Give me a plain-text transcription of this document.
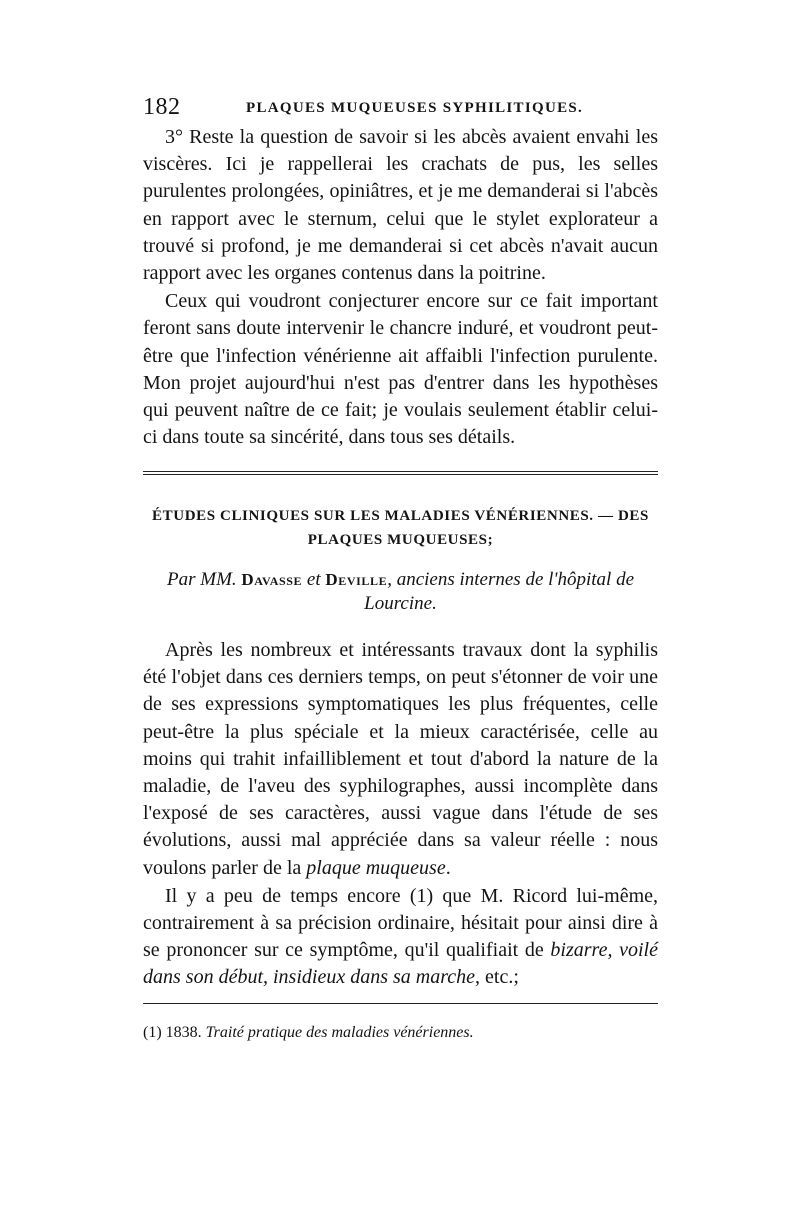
182	PLAQUES MUQUEUSES SYPHILITIQUES.

3° Reste la question de savoir si les abcès avaient envahi les viscères. Ici je rappellerai les crachats de pus, les selles purulentes prolongées, opiniâtres, et je me demanderai si l'abcès en rapport avec le sternum, celui que le stylet explorateur a trouvé si profond, je me demanderai si cet abcès n'avait aucun rapport avec les organes contenus dans la poitrine.

Ceux qui voudront conjecturer encore sur ce fait important feront sans doute intervenir le chancre induré, et voudront peut-être que l'infection vénérienne ait affaibli l'infection purulente. Mon projet aujourd'hui n'est pas d'entrer dans les hypothèses qui peuvent naître de ce fait; je voulais seulement établir celui-ci dans toute sa sincérité, dans tous ses détails.

ÉTUDES CLINIQUES SUR LES MALADIES VÉNÉRIENNES. — DES PLAQUES MUQUEUSES;
Par MM. Davasse et Deville, anciens internes de l'hôpital de Lourcine.

Après les nombreux et intéressants travaux dont la syphilis été l'objet dans ces derniers temps, on peut s'étonner de voir une de ses expressions symptomatiques les plus fréquentes, celle peut-être la plus spéciale et la mieux caractérisée, celle au moins qui trahit infailliblement et tout d'abord la nature de la maladie, de l'aveu des syphilographes, aussi incomplète dans l'exposé de ses caractères, aussi vague dans l'étude de ses évolutions, aussi mal appréciée dans sa valeur réelle : nous voulons parler de la plaque muqueuse.

Il y a peu de temps encore (1) que M. Ricord lui-même, contrairement à sa précision ordinaire, hésitait pour ainsi dire à se prononcer sur ce symptôme, qu'il qualifiait de bizarre, voilé dans son début, insidieux dans sa marche, etc.;

(1) 1838. Traité pratique des maladies vénériennes.
